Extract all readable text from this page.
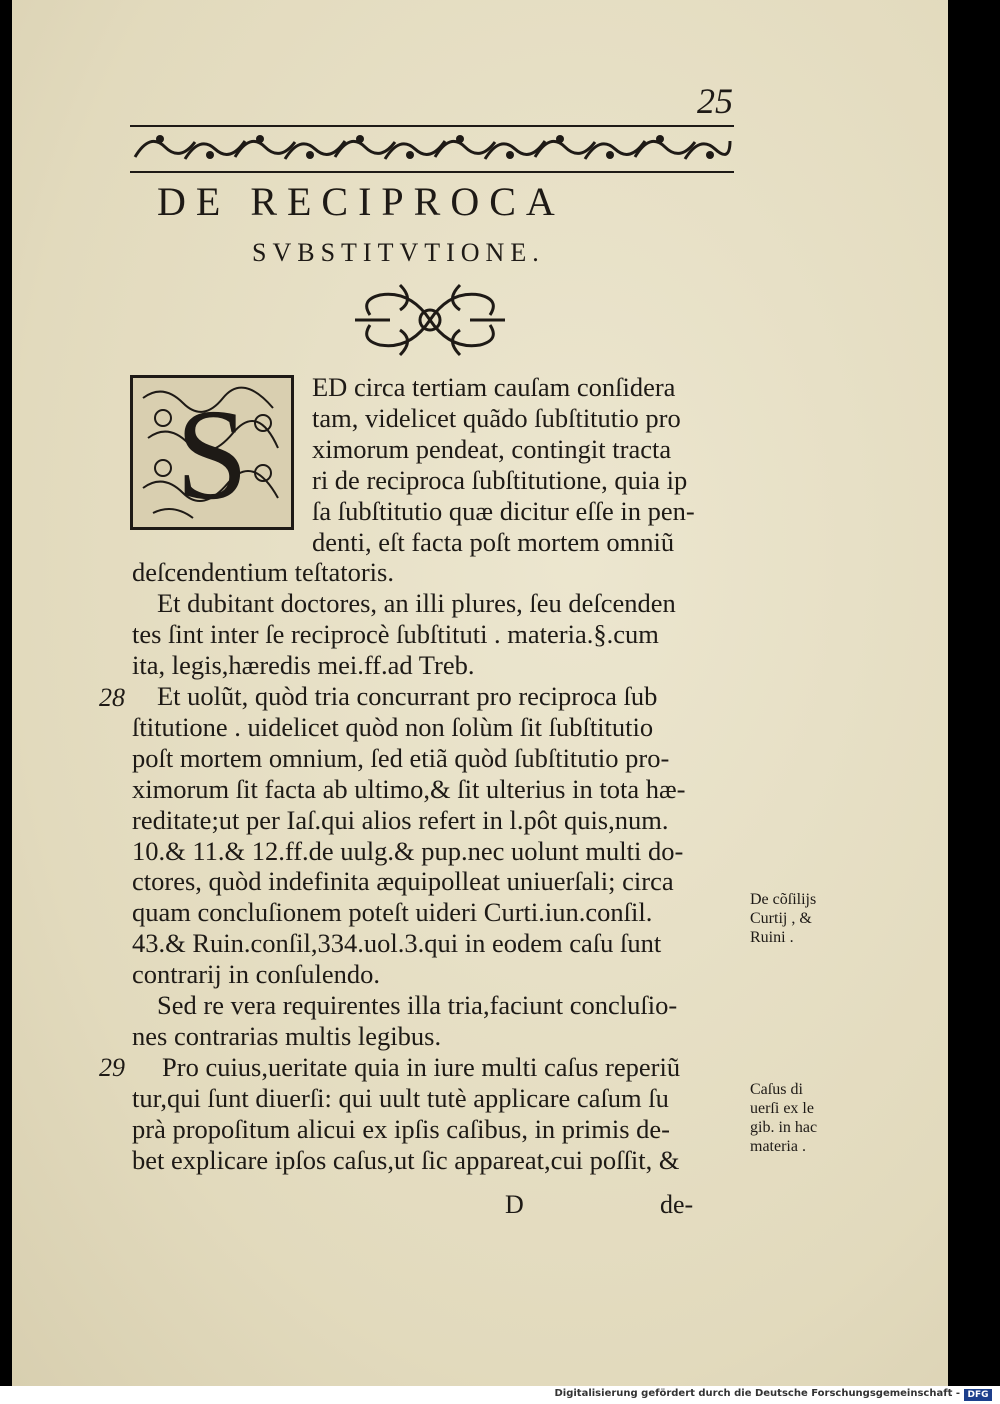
25
DE RECIPROCA
SVBSTITVTIONE.
S
28
29
De cõſilijs
Curtij , &
Ruini .
Caſus di
uerſi ex le
gib. in hac
materia .
D	de-
ED circa tertiam cauſam conſidera
tam, videlicet quãdo ſubſtitutio pro
ximorum pendeat, contingit tracta
ri de reciproca ſubſtitutione, quia ip
ſa ſubſtitutio quæ dicitur eſſe in pen-
denti, eſt facta poſt mortem omniũ
deſcendentium teſtatoris.
Et dubitant doctores, an illi plures, ſeu deſcenden
tes ſint inter ſe reciprocè ſubſtituti . materia.§.cum
ita, legis,hæredis mei.ff.ad Treb.
Et uolũt, quòd tria concurrant pro reciproca ſub
ſtitutione . uidelicet quòd non ſolùm ſit ſubſtitutio
poſt mortem omnium, ſed etiã quòd ſubſtitutio pro-
ximorum ſit facta ab ultimo,& ſit ulterius in tota hæ-
reditate;ut per Iaſ.qui alios refert in l.pôt quis,num.
10.& 11.& 12.ff.de uulg.& pup.nec uolunt multi do-
ctores, quòd indefinita æquipolleat uniuerſali; circa
quam concluſionem poteſt uideri Curti.iun.conſil.
43.& Ruin.conſil,334.uol.3.qui in eodem caſu ſunt
contrarij in conſulendo.
Sed re vera requirentes illa tria,faciunt concluſio-
nes contrarias multis legibus.
Pro cuius,ueritate quia in iure multi caſus reperiũ
tur,qui ſunt diuerſi: qui uult tutè applicare caſum ſu
prà propoſitum alicui ex ipſis caſibus, in primis de-
bet explicare ipſos caſus,ut ſic appareat,cui poſſit, &
Digitalisierung gefördert durch die Deutsche Forschungsgemeinschaft - DFG
